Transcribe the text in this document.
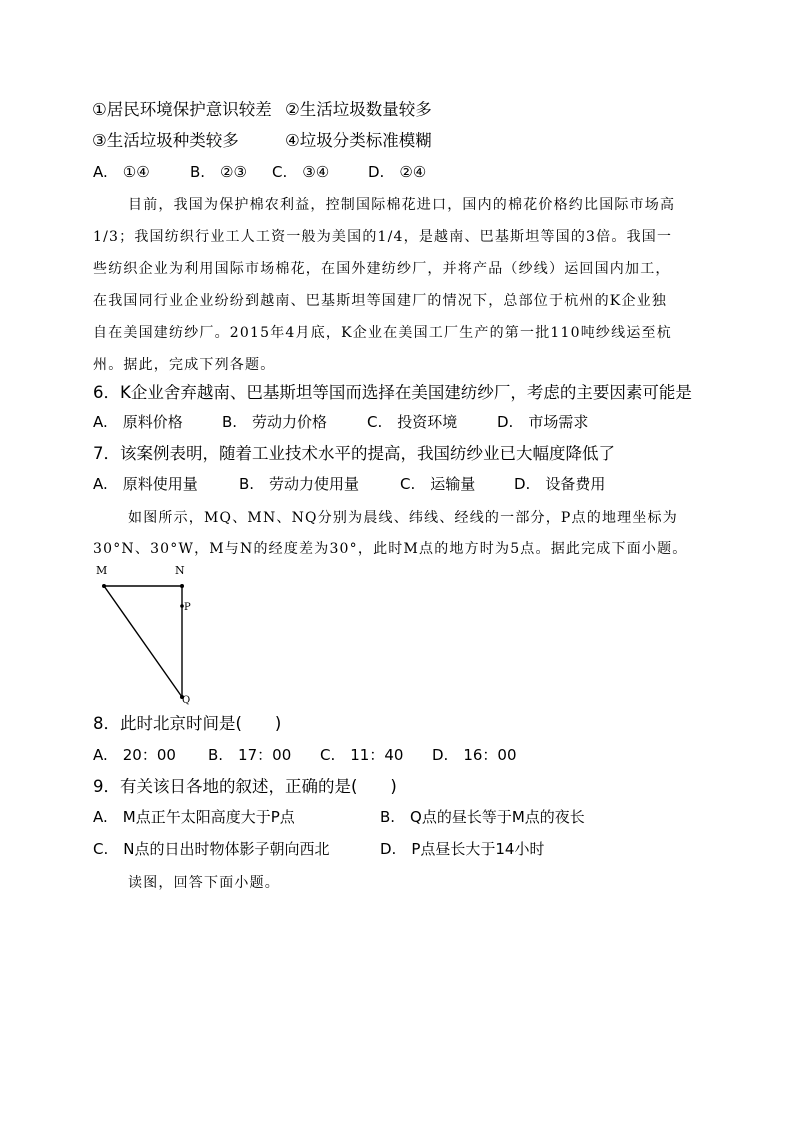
①居民环境保护意识较差 ②生活垃圾数量较多
③生活垃圾种类较多	④垃圾分类标准模糊
A.　①④	B.　②③ C.　③④	D.　②④
目前，我国为保护棉农利益，控制国际棉花进口，国内的棉花价格约比国际市场高
1/3；我国纺织行业工人工资一般为美国的1/4，是越南、巴基斯坦等国的3倍。我国一
些纺织企业为利用国际市场棉花，在国外建纺纱厂，并将产品（纱线）运回国内加工，
在我国同行业企业纷纷到越南、巴基斯坦等国建厂的情况下，总部位于杭州的K企业独
自在美国建纺纱厂。2015年4月底，K企业在美国工厂生产的第一批110吨纱线运至杭
州。据此，完成下列各题。
6．K企业舍弃越南、巴基斯坦等国而选择在美国建纺纱厂，考虑的主要因素可能是
A.　原料价格	B.　劳动力价格	C.　投资环境	D.　市场需求
7．该案例表明，随着工业技术水平的提高，我国纺纱业已大幅度降低了
A.　原料使用量	B.　劳动力使用量	C.　运输量	D.　设备费用
如图所示，MQ、MN、NQ分别为晨线、纬线、经线的一部分，P点的地理坐标为
30°N、30°W，M与N的经度差为30°，此时M点的地方时为5点。据此完成下面小题。
M	N
P
Q
8．此时北京时间是(　　)
A.　20：00 B.　17：00 C.　11：40 D.　16：00
9．有关该日各地的叙述，正确的是(　　)
A.　M点正午太阳高度大于P点	B.　Q点的昼长等于M点的夜长
C.　N点的日出时物体影子朝向西北	D.　P点昼长大于14小时
读图，回答下面小题。
